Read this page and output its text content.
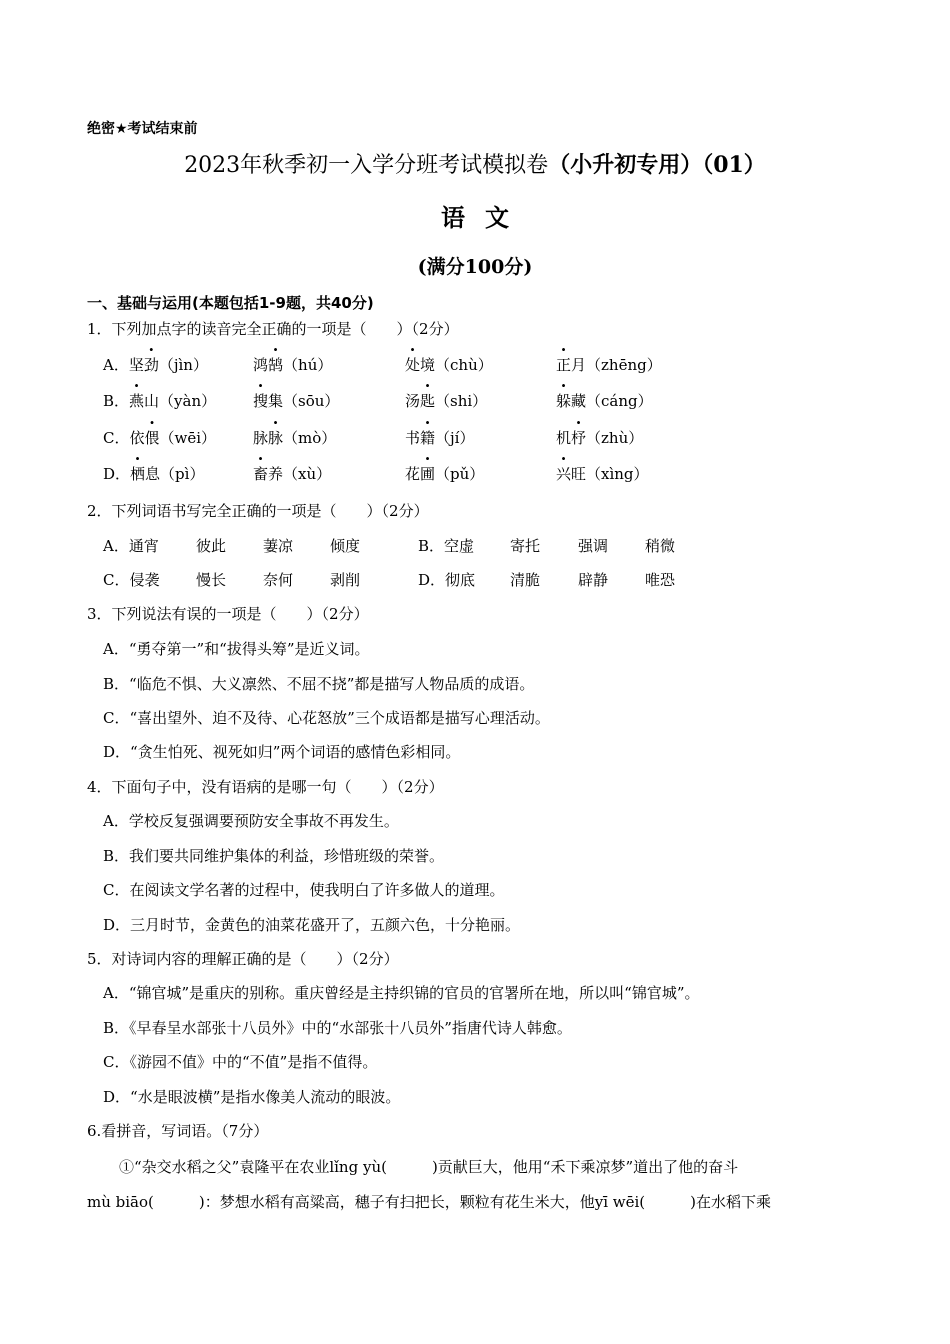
绝密★考试结束前
2023年秋季初一入学分班考试模拟卷（小升初专用）（01）
语文
(满分100分)
一、基础与运用(本题包括1-9题，共40分)
1．下列加点字的读音完全正确的一项是（　　）（2分）
A．坚劲（jìn）	鸿鹄（hú）	处境（chù）	正月（zhēng）
B．燕山（yàn） 搜集（sōu）	汤匙（shi）	躲藏（cáng）
C．依偎（wēi） 脉脉（mò）	书籍（jí）	机杼（zhù）
D．栖息（pì）	畜养（xù）	花圃（pǔ）	兴旺（xìng）
2．下列词语书写完全正确的一项是（　　）（2分）
A．通宵 彼此 萋凉 倾度	B．空虚 寄托	强调 稍微
C．侵袭 慢长 奈何 剥削	D．彻底 清脆	辟静 唯恐
3．下列说法有误的一项是（　　）（2分）
A．“勇夺第一”和“拔得头筹”是近义词。
B．“临危不惧、大义凛然、不屈不挠”都是描写人物品质的成语。
C．“喜出望外、迫不及待、心花怒放”三个成语都是描写心理活动。
D．“贪生怕死、视死如归”两个词语的感情色彩相同。
4．下面句子中，没有语病的是哪一句（　　）（2分）
A．学校反复强调要预防安全事故不再发生。
B．我们要共同维护集体的利益，珍惜班级的荣誉。
C．在阅读文学名著的过程中，使我明白了许多做人的道理。
D．三月时节，金黄色的油菜花盛开了，五颜六色，十分艳丽。
5．对诗词内容的理解正确的是（　　）（2分）
A．“锦官城”是重庆的别称。重庆曾经是主持织锦的官员的官署所在地，所以叫“锦官城”。
B．《早春呈水部张十八员外》中的“水部张十八员外”指唐代诗人韩愈。
C．《游园不值》中的“不值”是指不值得。
D．“水是眼波横”是指水像美人流动的眼波。
6.看拼音，写词语。（7分）
①“杂交水稻之父”袁隆平在农业lǐng yù(　　　)贡献巨大，他用“禾下乘凉梦”道出了他的奋斗
mù biāo(　　　)：梦想水稻有高粱高，穗子有扫把长，颗粒有花生米大，他yī wēi(　　　)在水稻下乘
